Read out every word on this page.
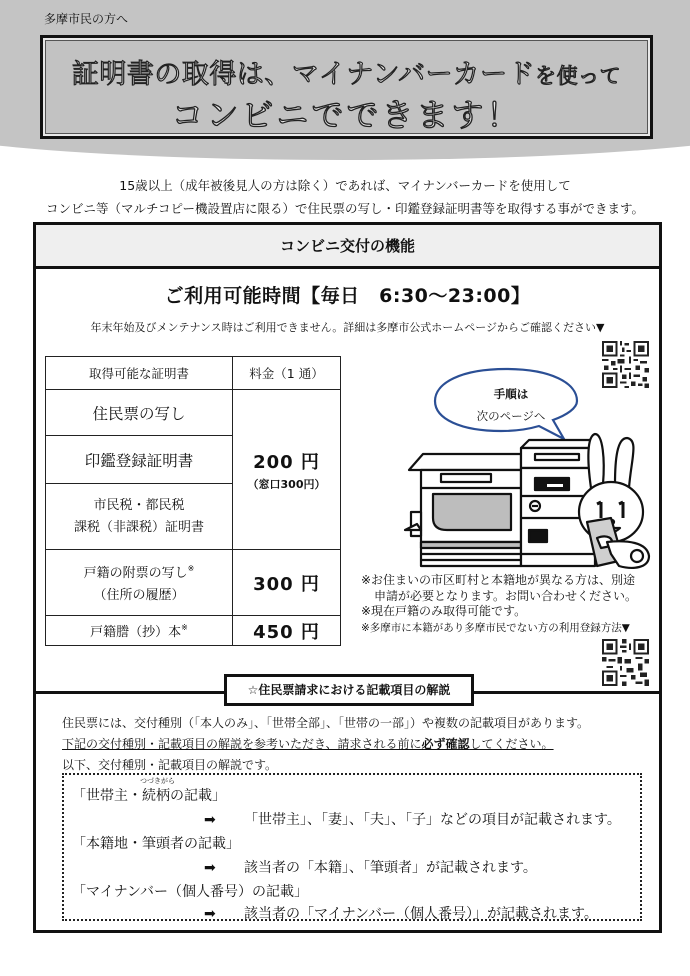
多摩市民の方へ
証明書の取得は、マイナンバーカードを使って
コンビニでできます！
15歳以上（成年被後見人の方は除く）であれば、マイナンバーカードを使用して
コンビニ等（マルチコピー機設置店に限る）で住民票の写し・印鑑登録証明書等を取得する事ができます。
コンビニ交付の機能
ご利用可能時間【毎日　6:30～23:00】
年末年始及びメンテナンス時はご利用できません。詳細は多摩市公式ホームページからご確認ください▼
取得可能な証明書	料金（1 通）
住民票の写し	200 円
（窓口300円）

印鑑登録証明書	
市民税・都民税
課税（非課税）証明書	
戸籍の附票の写し※
（住所の履歴）	300 円
戸籍謄（抄）本※	450 円
手順は
次のページへ
※お住まいの市区町村と本籍地が異なる方は、別途

申請が必要となります。お問い合わせください。
※現在戸籍のみ取得可能です。
※多摩市に本籍があり多摩市民でない方の利用登録方法▼
☆住民票請求における記載項目の解説
住民票には、交付種別（「本人のみ」、「世帯全部」、「世帯の一部」）や複数の記載項目があります。
下記の交付種別・記載項目の解説を参考いただき、請求される前に必ず確認してください。
以下、交付種別・記載項目の解説です。
「世帯主・
つづきがら
続柄の記載」
➡ 「世帯主」、「妻」、「夫」、「子」などの項目が記載されます。
「本籍地・筆頭者の記載」
➡ 該当者の「本籍」、「筆頭者」が記載されます。
「マイナンバー（個人番号）の記載」
➡ 該当者の「マイナンバー（個人番号）」が記載されます。
